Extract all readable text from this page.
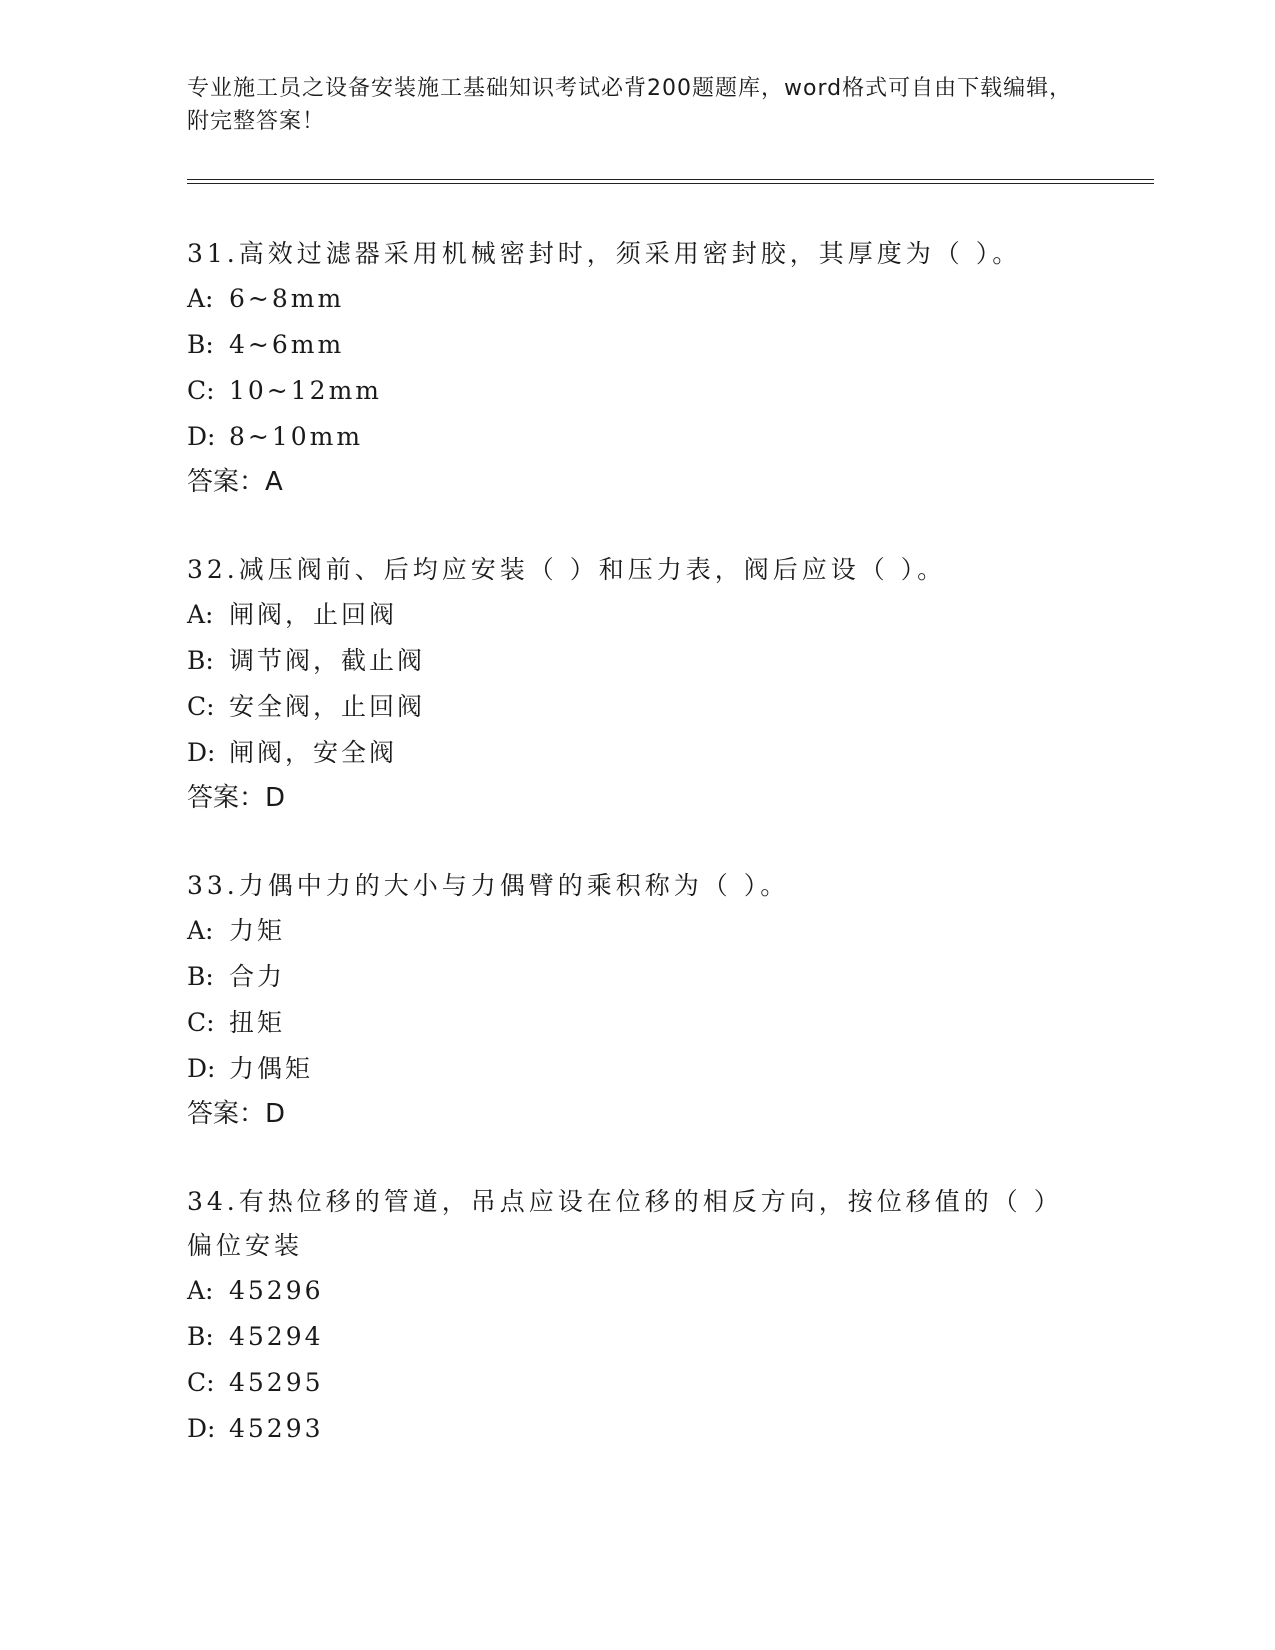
专业施工员之设备安装施工基础知识考试必背200题题库，word格式可自由下载编辑，附完整答案！
31.高效过滤器采用机械密封时，须采用密封胶，其厚度为（ ）。
A: 6~8mm
B: 4~6mm
C: 10~12mm
D: 8~10mm
答案：A
32.减压阀前、后均应安装（ ）和压力表，阀后应设（ ）。
A: 闸阀，止回阀
B: 调节阀，截止阀
C: 安全阀，止回阀
D: 闸阀，安全阀
答案：D
33.力偶中力的大小与力偶臂的乘积称为（ ）。
A: 力矩
B: 合力
C: 扭矩
D: 力偶矩
答案：D
34.有热位移的管道，吊点应设在位移的相反方向，按位移值的（ ）偏位安装
A: 45296
B: 45294
C: 45295
D: 45293
